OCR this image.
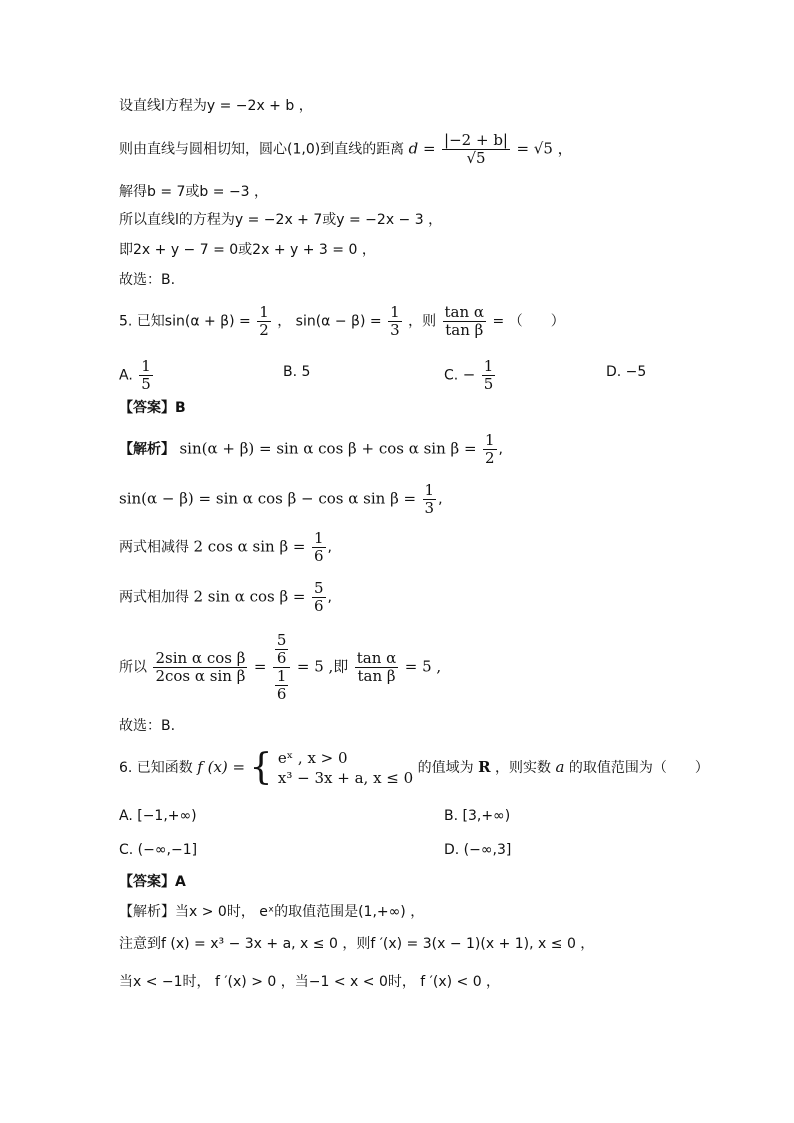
设直线l方程为y = −2x + b ，
则由直线与圆相切知，圆心(1,0)到直线的距离 $d = \frac{|-2 + b|}{√5} = √5$ ，
解得b = 7或b = −3 ，
所以直线l的方程为y = −2x + 7或y = −2x − 3 ，
即2x + y − 7 = 0或2x + y + 3 = 0 ，
故选：B.
5. 已知$\sin(\alpha + \beta) = \frac{1}{2}$ ， $\sin(\alpha - \beta) = \frac{1}{3}$ ，则 $\frac{\text{tan α}}{\text{tan β}}$ = （　　）
A. $\frac{1}{5}$	B. 5	C. − $\frac{1}{5}$	D. −5
【答案】B
【解析】 sin(α + β) = sin α cos β + cos α $\sin \beta = \frac{1}{2}$ ,
sin(α − β) = sin α cos β − cos α $\sin \beta = \frac{1}{3}$ ,
两式相减得 2 cos α $\sin \beta = \frac{1}{6}$ ,
两式相加得 2 sin α $\cos \beta = \frac{5}{6}$ ,
所以 $\frac{\text{2sin α cos β}}{\text{2cos α sin β}} = \frac{\frac{5}{6}}{\frac{1}{6}} = 5$ ,即 $\frac{\text{tan α}}{\text{tan β}} = 5$ ,
故选：B.
6. 已知函数 f (x) = { eˣ , x > 0
x³ − 3x + a, x ≤ 0
的值域为 R ，则实数 a 的取值范围为（　　）
A. [−1,+∞)	B. [3,+∞)
C. (−∞,−1]	D. (−∞,3]
【答案】A
【解析】当x > 0时， eˣ的取值范围是(1,+∞) ，
注意到f (x) = x³ − 3x + a, x ≤ 0 ，则f ′(x) = 3(x − 1)(x + 1), x ≤ 0 ，
当x < −1时， f ′(x) > 0 ，当−1 < x < 0时， f ′(x) < 0 ，
